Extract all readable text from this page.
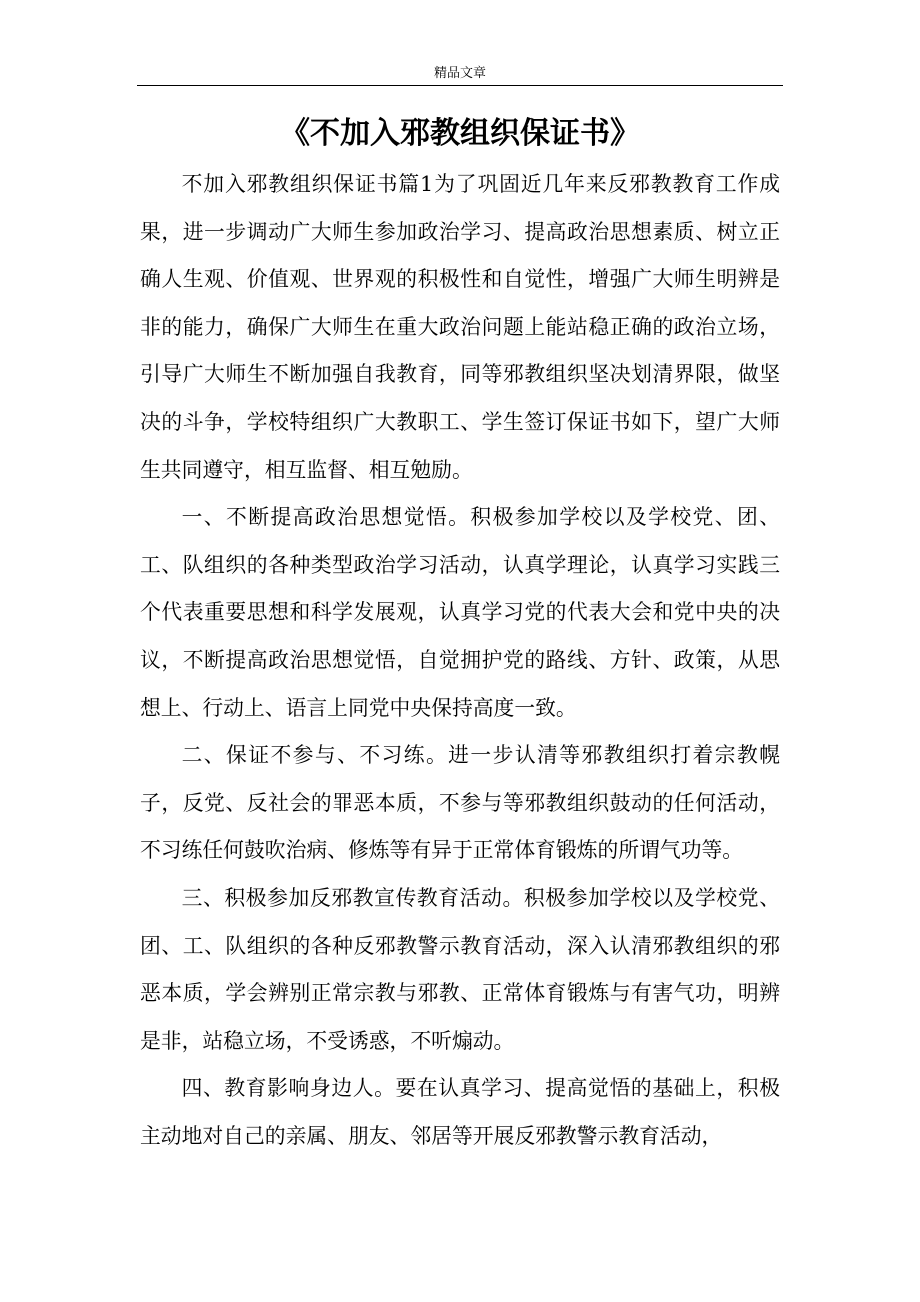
精品文章
《不加入邪教组织保证书》

不加入邪教组织保证书篇1为了巩固近几年来反邪教教育工作成果，进一步调动广大师生参加政治学习、提高政治思想素质、树立正确人生观、价值观、世界观的积极性和自觉性，增强广大师生明辨是非的能力，确保广大师生在重大政治问题上能站稳正确的政治立场，引导广大师生不断加强自我教育，同等邪教组织坚决划清界限，做坚决的斗争，学校特组织广大教职工、学生签订保证书如下，望广大师生共同遵守，相互监督、相互勉励。

一、不断提高政治思想觉悟。积极参加学校以及学校党、团、工、队组织的各种类型政治学习活动，认真学理论，认真学习实践三个代表重要思想和科学发展观，认真学习党的代表大会和党中央的决议，不断提高政治思想觉悟，自觉拥护党的路线、方针、政策，从思想上、行动上、语言上同党中央保持高度一致。

二、保证不参与、不习练。进一步认清等邪教组织打着宗教幌子，反党、反社会的罪恶本质，不参与等邪教组织鼓动的任何活动，不习练任何鼓吹治病、修炼等有异于正常体育锻炼的所谓气功等。

三、积极参加反邪教宣传教育活动。积极参加学校以及学校党、团、工、队组织的各种反邪教警示教育活动，深入认清邪教组织的邪恶本质，学会辨别正常宗教与邪教、正常体育锻炼与有害气功，明辨是非，站稳立场，不受诱惑，不听煽动。

四、教育影响身边人。要在认真学习、提高觉悟的基础上，积极主动地对自己的亲属、朋友、邻居等开展反邪教警示教育活动，
